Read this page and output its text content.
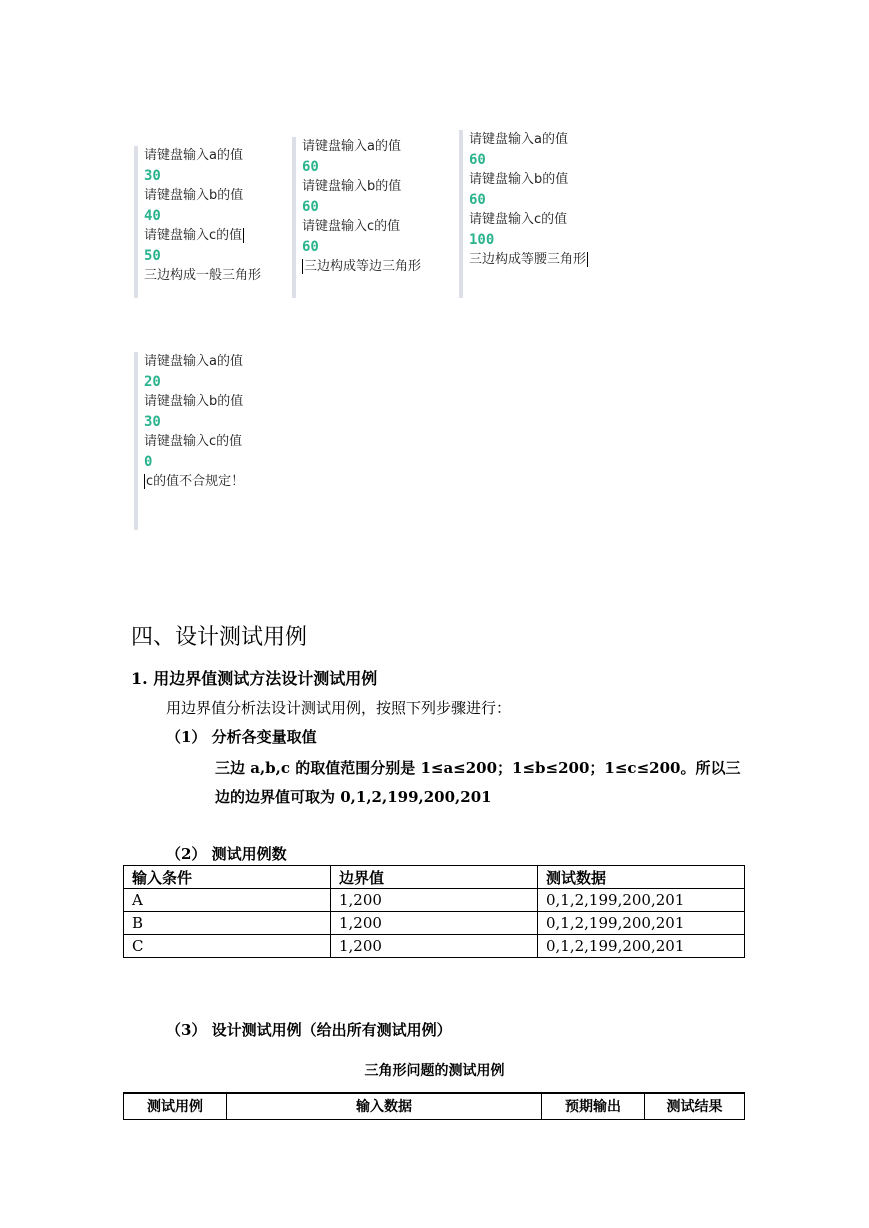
请键盘输入a的值
30
请键盘输入b的值
40
请键盘输入c的值
50
三边构成一般三角形
请键盘输入a的值
60
请键盘输入b的值
60
请键盘输入c的值
60
三边构成等边三角形
请键盘输入a的值
60
请键盘输入b的值
60
请键盘输入c的值
100
三边构成等腰三角形
请键盘输入a的值
20
请键盘输入b的值
30
请键盘输入c的值
0
c的值不合规定！
四、设计测试用例
1. 用边界值测试方法设计测试用例
用边界值分析法设计测试用例，按照下列步骤进行：
（1） 分析各变量取值
三边 a,b,c 的取值范围分别是 1≤a≤200；1≤b≤200；1≤c≤200。所以三
边的边界值可取为 0,1,2,199,200,201
（2） 测试用例数
输入条件	边界值	测试数据
A	1,200	0,1,2,199,200,201
B	1,200	0,1,2,199,200,201
C	1,200	0,1,2,199,200,201
（3） 设计测试用例（给出所有测试用例）
三角形问题的测试用例
测试用例	输入数据	预期输出	测试结果
